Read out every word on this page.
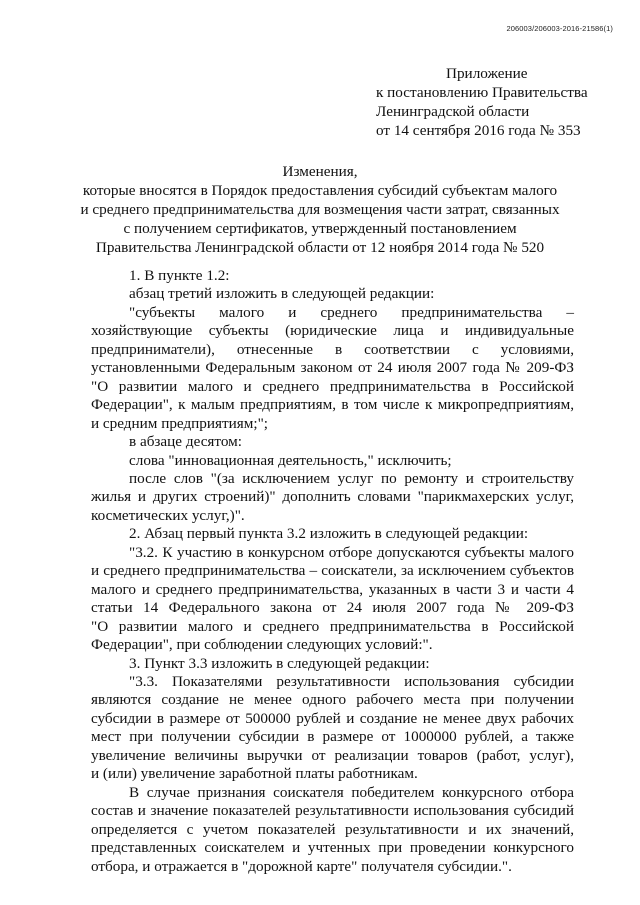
206003/206003-2016-21586(1)
Приложение
к постановлению Правительства
Ленинградской области
от 14 сентября 2016 года № 353
Изменения,
которые вносятся в Порядок предоставления субсидий субъектам малого
и среднего предпринимательства для возмещения части затрат, связанных
с получением сертификатов, утвержденный постановлением
Правительства Ленинградской области от 12 ноября 2014 года № 520
1. В пункте 1.2:
абзац третий изложить в следующей редакции:
"субъекты малого и среднего предпринимательства –
хозяйствующие субъекты (юридические лица и индивидуальные
предприниматели), отнесенные в соответствии с условиями,
установленными Федеральным законом от 24 июля 2007 года № 209-ФЗ
"О развитии малого и среднего предпринимательства в Российской
Федерации", к малым предприятиям, в том числе к микропредприятиям,
и средним предприятиям;";
в абзаце десятом:
слова "инновационная деятельность," исключить;
после слов "(за исключением услуг по ремонту и строительству
жилья и других строений)" дополнить словами "парикмахерских услуг,
косметических услуг,)".
2. Абзац первый пункта 3.2 изложить в следующей редакции:
"3.2. К участию в конкурсном отборе допускаются субъекты малого
и среднего предпринимательства – соискатели, за исключением субъектов
малого и среднего предпринимательства, указанных в части 3 и части 4
статьи 14 Федерального закона от 24 июля 2007 года № 209-ФЗ
"О развитии малого и среднего предпринимательства в Российской
Федерации", при соблюдении следующих условий:".
3. Пункт 3.3 изложить в следующей редакции:
"3.3. Показателями результативности использования субсидии
являются создание не менее одного рабочего места при получении
субсидии в размере от 500000 рублей и создание не менее двух рабочих
мест при получении субсидии в размере от 1000000 рублей, а также
увеличение величины выручки от реализации товаров (работ, услуг),
и (или) увеличение заработной платы работникам.
В случае признания соискателя победителем конкурсного отбора
состав и значение показателей результативности использования субсидий
определяется с учетом показателей результативности и их значений,
представленных соискателем и учтенных при проведении конкурсного
отбора, и отражается в "дорожной карте" получателя субсидии.".
